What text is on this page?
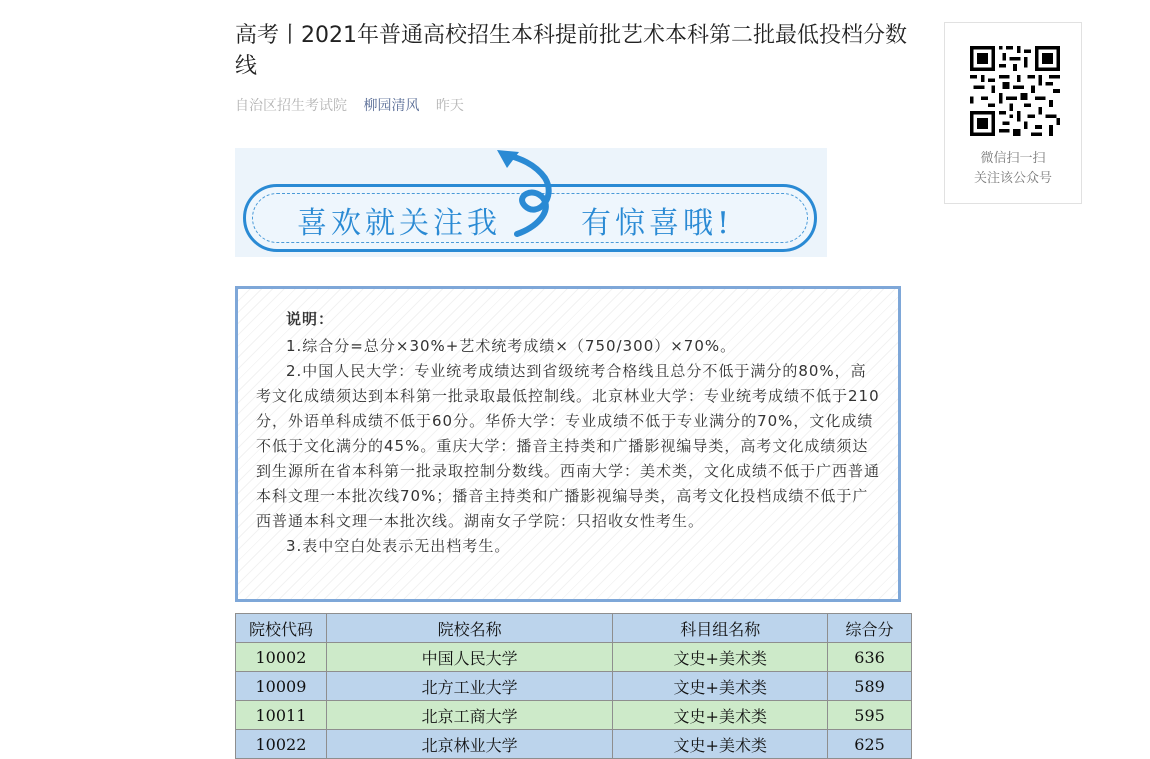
高考丨2021年普通高校招生本科提前批艺术本科第二批最低投档分数线
自治区招生考试院 柳园清风 昨天
喜欢就关注我	有惊喜哦!
微信扫一扫
关注该公众号

说明：

1.综合分=总分×30%+艺术统考成绩×（750/300）×70%。

2.中国人民大学：专业统考成绩达到省级统考合格线且总分不低于满分的80%，高考文化成绩须达到本科第一批录取最低控制线。北京林业大学：专业统考成绩不低于210分，外语单科成绩不低于60分。华侨大学：专业成绩不低于专业满分的70%，文化成绩不低于文化满分的45%。重庆大学：播音主持类和广播影视编导类，高考文化成绩须达到生源所在省本科第一批录取控制分数线。西南大学：美术类，文化成绩不低于广西普通本科文理一本批次线70%；播音主持类和广播影视编导类，高考文化投档成绩不低于广西普通本科文理一本批次线。湖南女子学院：只招收女性考生。

3.表中空白处表示无出档考生。

院校代码	院校名称	科目组名称	综合分
10002	中国人民大学	文史+美术类	636
10009	北方工业大学	文史+美术类	589
10011	北京工商大学	文史+美术类	595
10022	北京林业大学	文史+美术类	625
